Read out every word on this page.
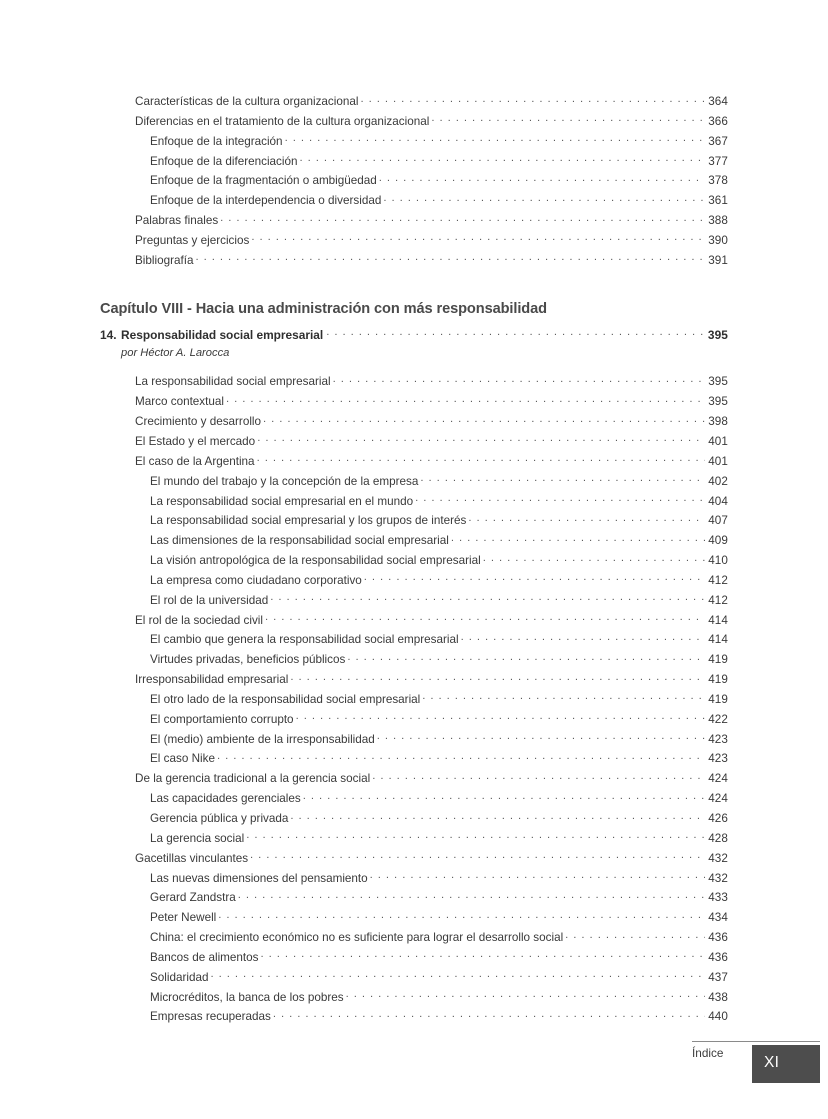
Características de la cultura organizacional . . .	364
Diferencias en el tratamiento de la cultura organizacional . . .	366
Enfoque de la integración . . .	367
Enfoque de la diferenciación . . .	377
Enfoque de la fragmentación o ambigüedad . . .	378
Enfoque de la interdependencia o diversidad . . .	361
Palabras finales . . .	388
Preguntas y ejercicios . . .	390
Bibliografía . . .	391
Capítulo VIII - Hacia una administración con más responsabilidad
14. Responsabilidad social empresarial . . .	395
por Héctor A. Larocca
La responsabilidad social empresarial . . .	395
Marco contextual . . .	395
Crecimiento y desarrollo . . .	398
El Estado y el mercado . . .	401
El caso de la Argentina . . .	401
El mundo del trabajo y la concepción de la empresa . . .	402
La responsabilidad social empresarial en el mundo . . .	404
La responsabilidad social empresarial y los grupos de interés . . .	407
Las dimensiones de la responsabilidad social empresarial . . .	409
La visión antropológica de la responsabilidad social empresarial . . .	410
La empresa como ciudadano corporativo . . .	412
El rol de la universidad . . .	412
El rol de la sociedad civil . . .	414
El cambio que genera la responsabilidad social empresarial . . .	414
Virtudes privadas, beneficios públicos . . .	419
Irresponsabilidad empresarial . . .	419
El otro lado de la responsabilidad social empresarial . . .	419
El comportamiento corrupto . . .	422
El (medio) ambiente de la irresponsabilidad . . .	423
El caso Nike . . .	423
De la gerencia tradicional a la gerencia social . . .	424
Las capacidades gerenciales . . .	424
Gerencia pública y privada . . .	426
La gerencia social . . .	428
Gacetillas vinculantes . . .	432
Las nuevas dimensiones del pensamiento . . .	432
Gerard Zandstra . . .	433
Peter Newell . . .	434
China: el crecimiento económico no es suficiente para lograr el desarrollo social . . .	436
Bancos de alimentos . . .	436
Solidaridad . . .	437
Microcréditos, la banca de los pobres . . .	438
Empresas recuperadas . . .	440
Índice
XI
